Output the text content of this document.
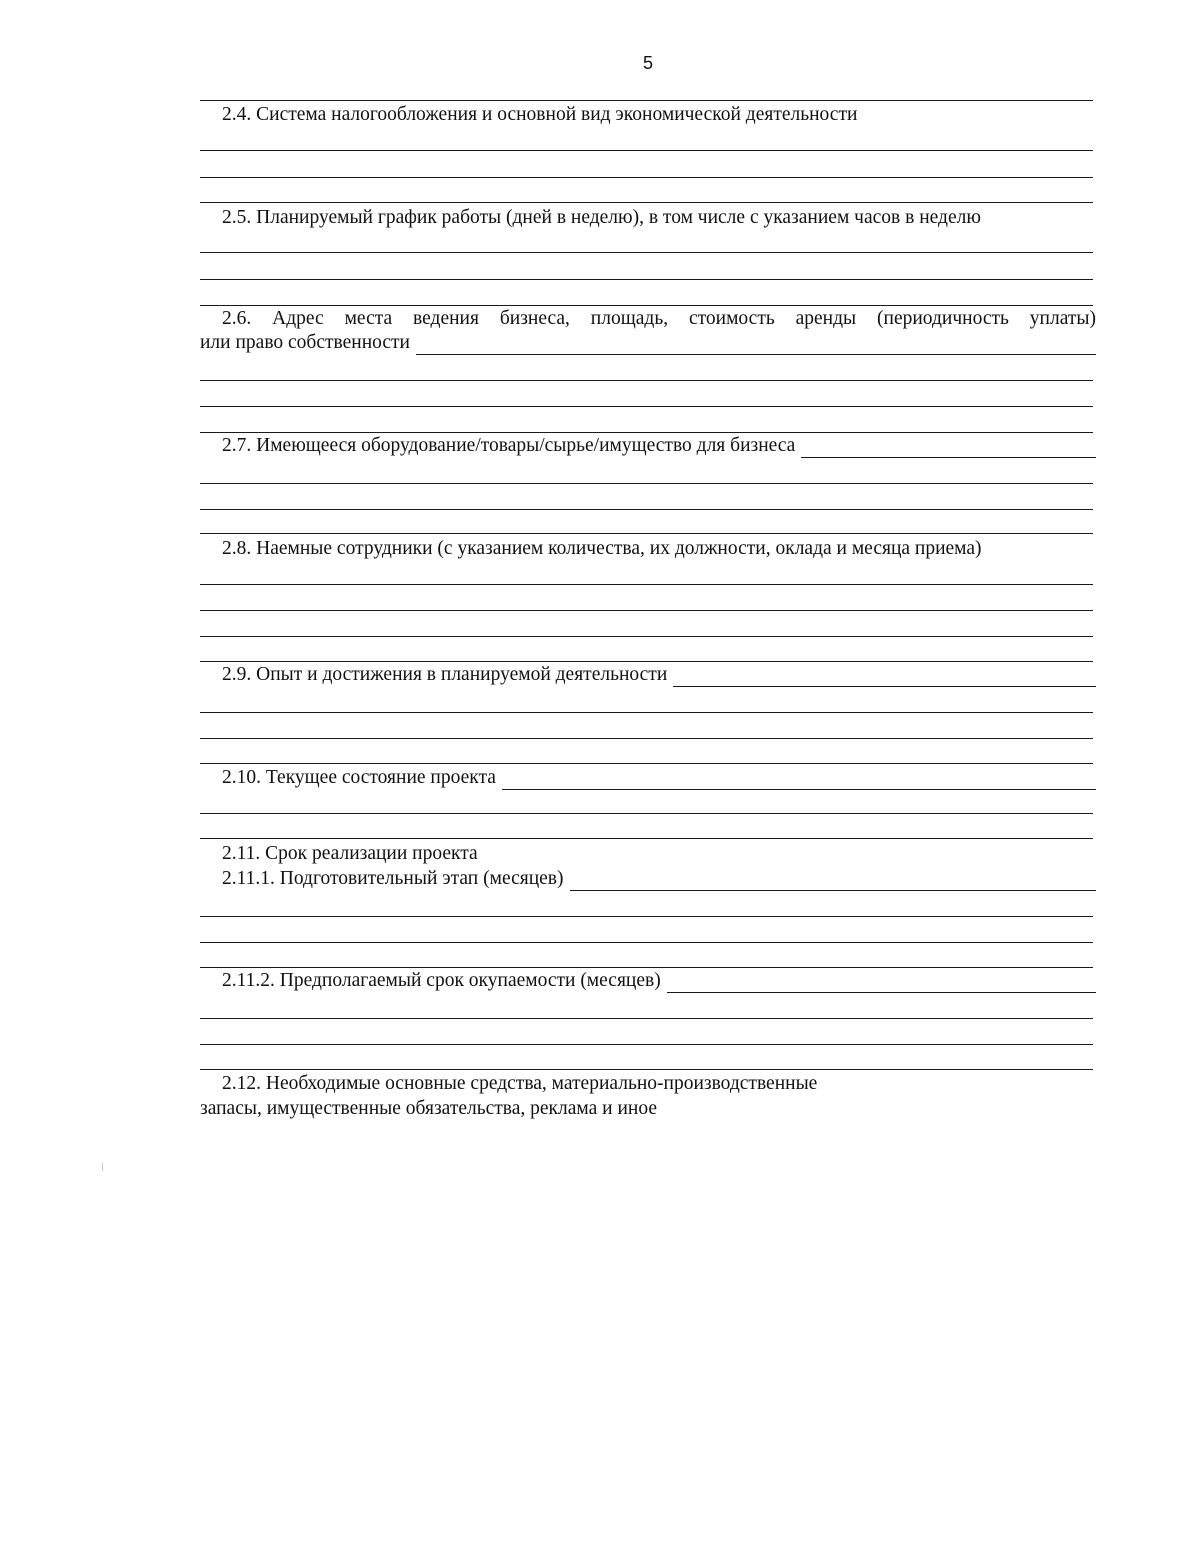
5
2.4. Система налогообложения и основной вид экономической деятельности
2.5. Планируемый график работы (дней в неделю), в том числе с указанием часов в неделю
2.6. Адрес места ведения бизнеса, площадь, стоимость аренды (периодичность уплаты)
или право собственности
2.7. Имеющееся оборудование/товары/сырье/имущество для бизнеса
2.8. Наемные сотрудники (с указанием количества, их должности, оклада и месяца приема)
2.9. Опыт и достижения в планируемой деятельности
2.10. Текущее состояние проекта
2.11. Срок реализации проекта
2.11.1. Подготовительный этап (месяцев)
2.11.2. Предполагаемый срок окупаемости (месяцев)
2.12. Необходимые основные средства, материально-производственные
запасы, имущественные обязательства, реклама и иное
